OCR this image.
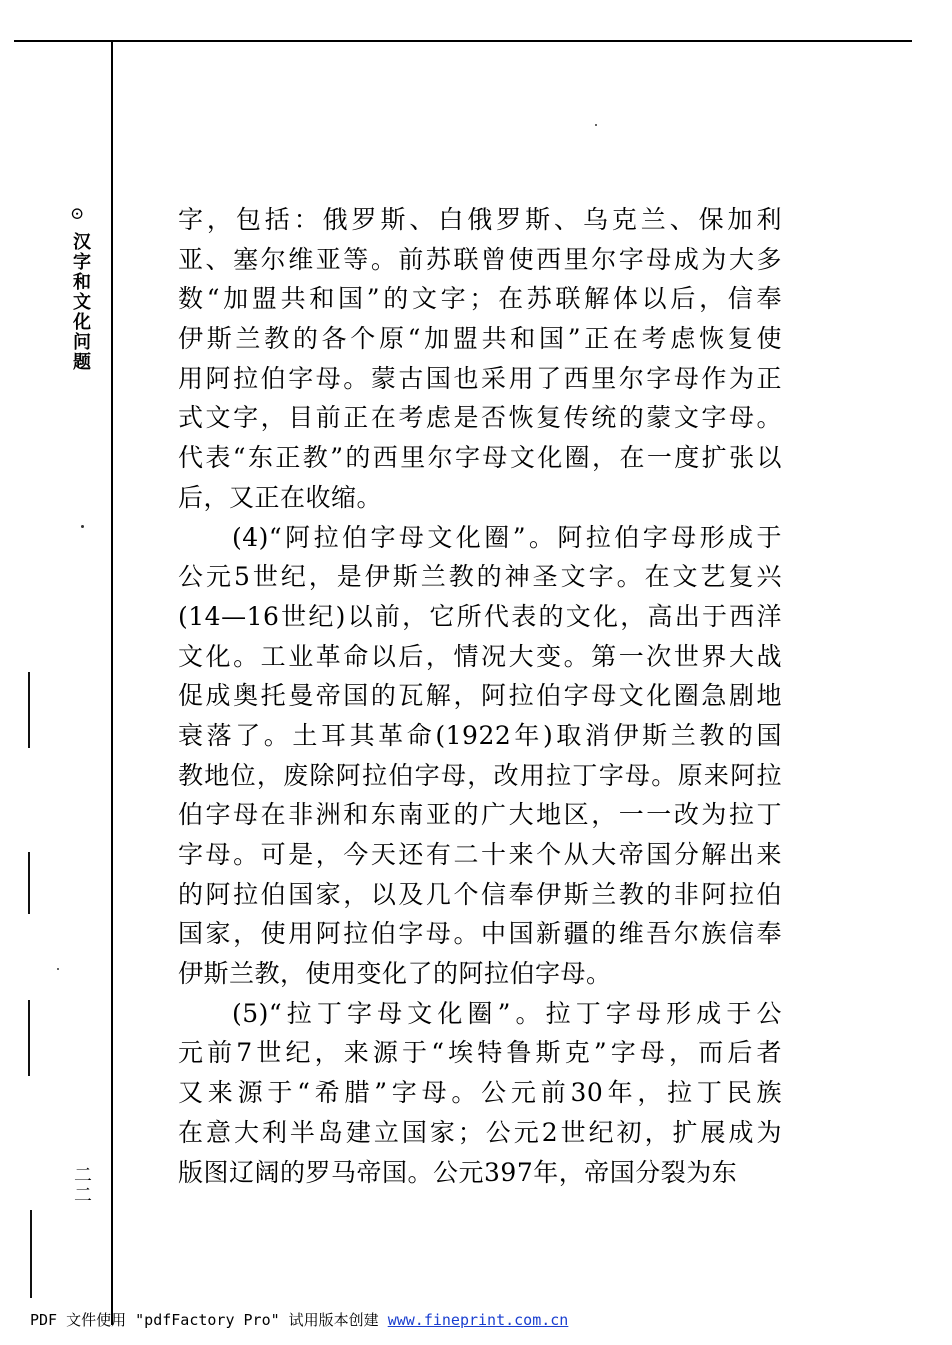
⊙
汉字和文化问题
二二
字，包括：俄罗斯、白俄罗斯、乌克兰、保加利
亚、塞尔维亚等。前苏联曾使西里尔字母成为大多
数“加盟共和国”的文字；在苏联解体以后，信奉
伊斯兰教的各个原“加盟共和国”正在考虑恢复使
用阿拉伯字母。蒙古国也采用了西里尔字母作为正
式文字，目前正在考虑是否恢复传统的蒙文字母。
代表“东正教”的西里尔字母文化圈，在一度扩张以
后，又正在收缩。
(4)“阿拉伯字母文化圈”。阿拉伯字母形成于
公元5世纪，是伊斯兰教的神圣文字。在文艺复兴
(14—16世纪)以前，它所代表的文化，高出于西洋
文化。工业革命以后，情况大变。第一次世界大战
促成奥托曼帝国的瓦解，阿拉伯字母文化圈急剧地
衰落了。土耳其革命(1922年)取消伊斯兰教的国
教地位，废除阿拉伯字母，改用拉丁字母。原来阿拉
伯字母在非洲和东南亚的广大地区，一一改为拉丁
字母。可是，今天还有二十来个从大帝国分解出来
的阿拉伯国家，以及几个信奉伊斯兰教的非阿拉伯
国家，使用阿拉伯字母。中国新疆的维吾尔族信奉
伊斯兰教，使用变化了的阿拉伯字母。
(5)“拉丁字母文化圈”。拉丁字母形成于公
元前7世纪，来源于“埃特鲁斯克”字母，而后者
又来源于“希腊”字母。公元前30年，拉丁民族
在意大利半岛建立国家；公元2世纪初，扩展成为
版图辽阔的罗马帝国。公元397年，帝国分裂为东
PDF 文件使用 "pdfFactory Pro" 试用版本创建 www.fineprint.com.cn
